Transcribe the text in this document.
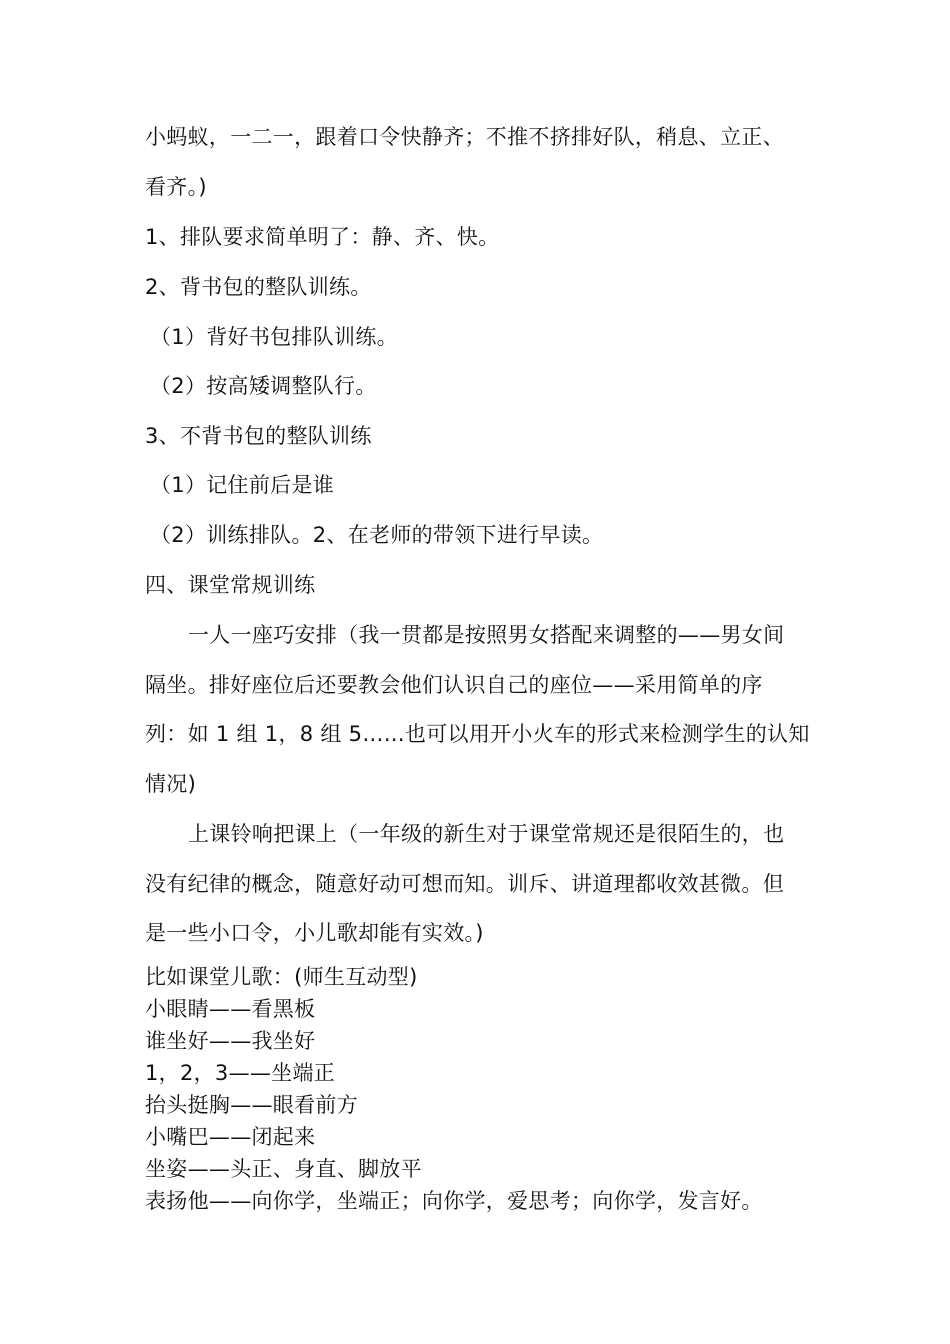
小蚂蚁，一二一，跟着口令快静齐；不推不挤排好队，稍息、立正、
看齐。)
1、排队要求简单明了：静、齐、快。
2、背书包的整队训练。
（1）背好书包排队训练。
（2）按高矮调整队行。
3、不背书包的整队训练
（1）记住前后是谁
（2）训练排队。2、在老师的带领下进行早读。
四、课堂常规训练
一人一座巧安排（我一贯都是按照男女搭配来调整的——男女间
隔坐。排好座位后还要教会他们认识自己的座位——采用简单的序
列：如 1 组 1，8 组 5……也可以用开小火车的形式来检测学生的认知
情况)
上课铃响把课上（一年级的新生对于课堂常规还是很陌生的，也
没有纪律的概念，随意好动可想而知。训斥、讲道理都收效甚微。但
是一些小口令，小儿歌却能有实效。)
比如课堂儿歌：(师生互动型)
小眼睛——看黑板
谁坐好——我坐好
1，2，3——坐端正
抬头挺胸——眼看前方
小嘴巴——闭起来
坐姿——头正、身直、脚放平
表扬他——向你学，坐端正；向你学，爱思考；向你学，发言好。
